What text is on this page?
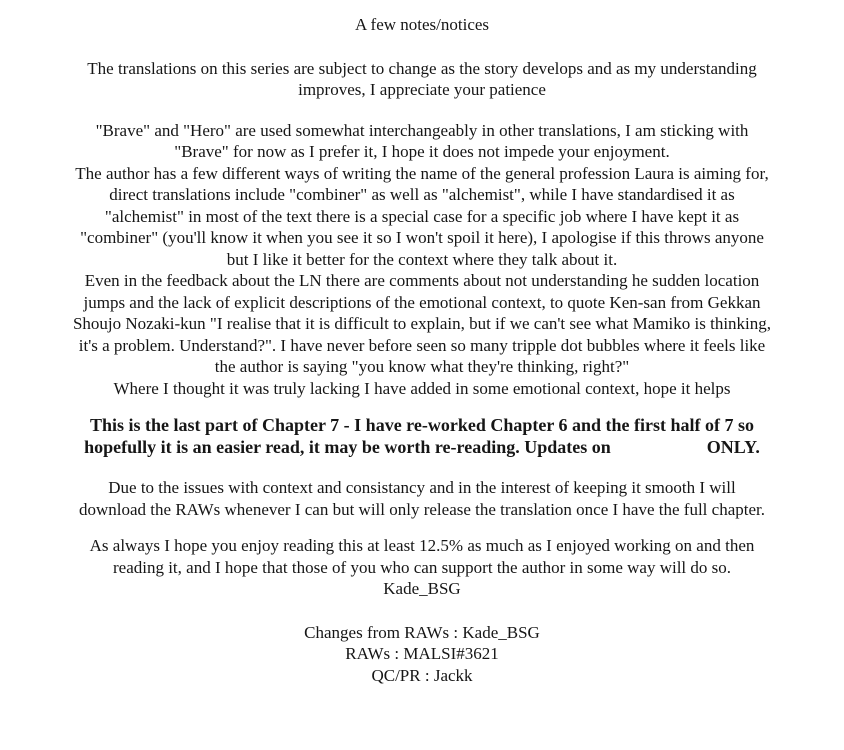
A few notes/notices
The translations on this series are subject to change as the story develops and as my understanding
improves, I appreciate your patience
"Brave" and "Hero" are used somewhat interchangeably in other translations, I am sticking with
"Brave" for now as I prefer it, I hope it does not impede your enjoyment.
The author has a few different ways of writing the name of the general profession Laura is aiming for,
direct translations include "combiner" as well as "alchemist", while I have standardised it as
"alchemist" in most of the text there is a special case for a specific job where I have kept it as
"combiner" (you'll know it when you see it so I won't spoil it here), I apologise if this throws anyone
but I like it better for the context where they talk about it.
Even in the feedback about the LN there are comments about not understanding he sudden location
jumps and the lack of explicit descriptions of the emotional context, to quote Ken-san from Gekkan
Shoujo Nozaki-kun "I realise that it is difficult to explain, but if we can't see what Mamiko is thinking,
it's a problem. Understand?". I have never before seen so many tripple dot bubbles where it feels like
the author is saying "you know what they're thinking, right?"
Where I thought it was truly lacking I have added in some emotional context, hope it helps
This is the last part of Chapter 7 - I have re-worked Chapter 6 and the first half of 7 so
hopefully it is an easier read, it may be worth re-reading. Updates on	ONLY.
Due to the issues with context and consistancy and in the interest of keeping it smooth I will
download the RAWs whenever I can but will only release the translation once I have the full chapter.
As always I hope you enjoy reading this at least 12.5% as much as I enjoyed working on and then
reading it, and I hope that those of you who can support the author in some way will do so.
Kade_BSG
Changes from RAWs : Kade_BSG
RAWs : MALSI#3621
QC/PR : Jackk
